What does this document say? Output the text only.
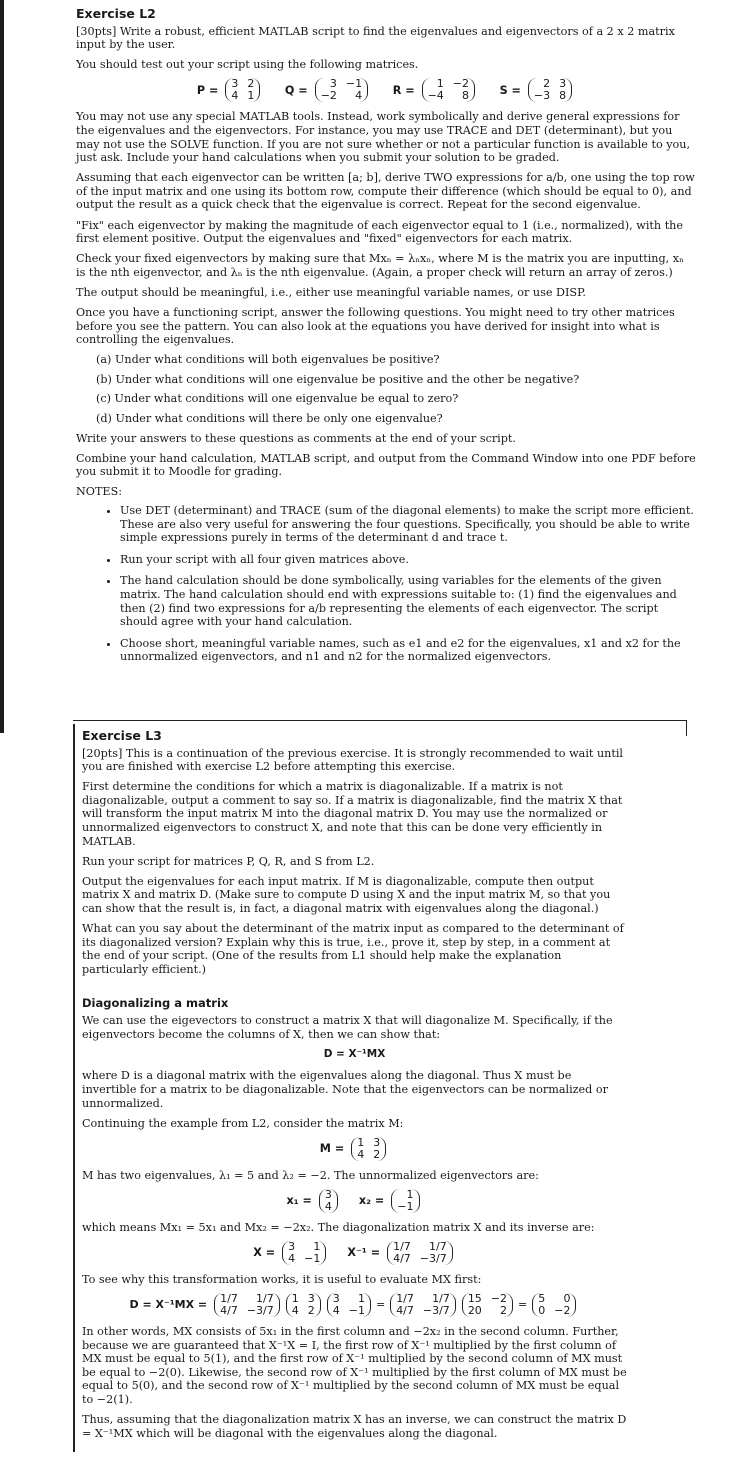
Exercise L2

[30pts] Write a robust, efficient MATLAB script to find the eigenvalues and eigenvectors of a 2 x 2 matrix input by the user.

You should test out your script using the following matrices.

P = 3 2
4 1
	Q =	3 −1
−2	4
	R =	1 −2
−4	8
	S =	2 3
−3 8

You may not use any special MATLAB tools. Instead, work symbolically and derive general expressions for the eigenvalues and the eigenvectors. For instance, you may use TRACE and DET (determinant), but you may not use the SOLVE function. If you are not sure whether or not a particular function is available to you, just ask. Include your hand calculations when you submit your solution to be graded.

Assuming that each eigenvector can be written [a; b], derive TWO expressions for a/b, one using the top row of the input matrix and one using its bottom row, compute their difference (which should be equal to 0), and output the result as a quick check that the eigenvalue is correct. Repeat for the second eigenvalue.

"Fix" each eigenvector by making the magnitude of each eigenvector equal to 1 (i.e., normalized), with the first element positive. Output the eigenvalues and "fixed" eigenvectors for each matrix.

Check your fixed eigenvectors by making sure that Mxₙ = λₙxₙ, where M is the matrix you are inputting, xₙ is the nth eigenvector, and λₙ is the nth eigenvalue. (Again, a proper check will return an array of zeros.)

The output should be meaningful, i.e., either use meaningful variable names, or use DISP.

Once you have a functioning script, answer the following questions. You might need to try other matrices before you see the pattern. You can also look at the equations you have derived for insight into what is controlling the eigenvalues.

(a) Under what conditions will both eigenvalues be positive?
(b) Under what conditions will one eigenvalue be positive and the other be negative?
(c) Under what conditions will one eigenvalue be equal to zero?
(d) Under what conditions will there be only one eigenvalue?

Write your answers to these questions as comments at the end of your script.

Combine your hand calculation, MATLAB script, and output from the Command Window into one PDF before you submit it to Moodle for grading.

NOTES:

• Use DET (determinant) and TRACE (sum of the diagonal elements) to make the script more efficient. These are also very useful for answering the four questions. Specifically, you should be able to write simple expressions purely in terms of the determinant d and trace t.
• Run your script with all four given matrices above.
• The hand calculation should be done symbolically, using variables for the elements of the given matrix. The hand calculation should end with expressions suitable to: (1) find the eigenvalues and then (2) find two expressions for a/b representing the elements of each eigenvector. The script should agree with your hand calculation.
• Choose short, meaningful variable names, such as e1 and e2 for the eigenvalues, x1 and x2 for the unnormalized eigenvectors, and n1 and n2 for the normalized eigenvectors.
Exercise L3

[20pts] This is a continuation of the previous exercise. It is strongly recommended to wait until you are finished with exercise L2 before attempting this exercise.

First determine the conditions for which a matrix is diagonalizable. If a matrix is not diagonalizable, output a comment to say so. If a matrix is diagonalizable, find the matrix X that will transform the input matrix M into the diagonal matrix D. You may use the normalized or unnormalized eigenvectors to construct X, and note that this can be done very efficiently in MATLAB.

Run your script for matrices P, Q, R, and S from L2.

Output the eigenvalues for each input matrix. If M is diagonalizable, compute then output matrix X and matrix D. (Make sure to compute D using X and the input matrix M, so that you can show that the result is, in fact, a diagonal matrix with eigenvalues along the diagonal.)

What can you say about the determinant of the matrix input as compared to the determinant of its diagonalized version? Explain why this is true, i.e., prove it, step by step, in a comment at the end of your script. (One of the results from L1 should help make the explanation particularly efficient.)

Diagonalizing a matrix

We can use the eigevectors to construct a matrix X that will diagonalize M. Specifically, if the eigenvectors become the columns of X, then we can show that:

D = X⁻¹MX

where D is a diagonal matrix with the eigenvalues along the diagonal. Thus X must be invertible for a matrix to be diagonalizable. Note that the eigenvectors can be normalized or unnormalized.

Continuing the example from L2, consider the matrix M:

M = 1 3
4 2

M has two eigenvalues, λ₁ = 5 and λ₂ = −2. The unnormalized eigenvectors are:

x₁ = 3
4 x₂ =	1
−1

which means Mx₁ = 5x₁ and Mx₂ = −2x₂. The diagonalization matrix X and its inverse are:

X = 3	1
4 −1 X⁻¹ = 1/7	1/7
4/7 −3/7

To see why this transformation works, it is useful to evaluate MX first:

D = X⁻¹MX = 1/7	1/7
4/7 −3/7
1 3
4 2
3	1
4 −1 = 1/7	1/7
4/7 −3/7
15 −2
20	2 = 5	0
0 −2

In other words, MX consists of 5x₁ in the first column and −2x₂ in the second column. Further, because we are guaranteed that X⁻¹X = I, the first row of X⁻¹ multiplied by the first column of MX must be equal to 5(1), and the first row of X⁻¹ multiplied by the second column of MX must be equal to −2(0). Likewise, the second row of X⁻¹ multiplied by the first column of MX must be equal to 5(0), and the second row of X⁻¹ multiplied by the second column of MX must be equal to −2(1).

Thus, assuming that the diagonalization matrix X has an inverse, we can construct the matrix D = X⁻¹MX which will be diagonal with the eigenvalues along the diagonal.
